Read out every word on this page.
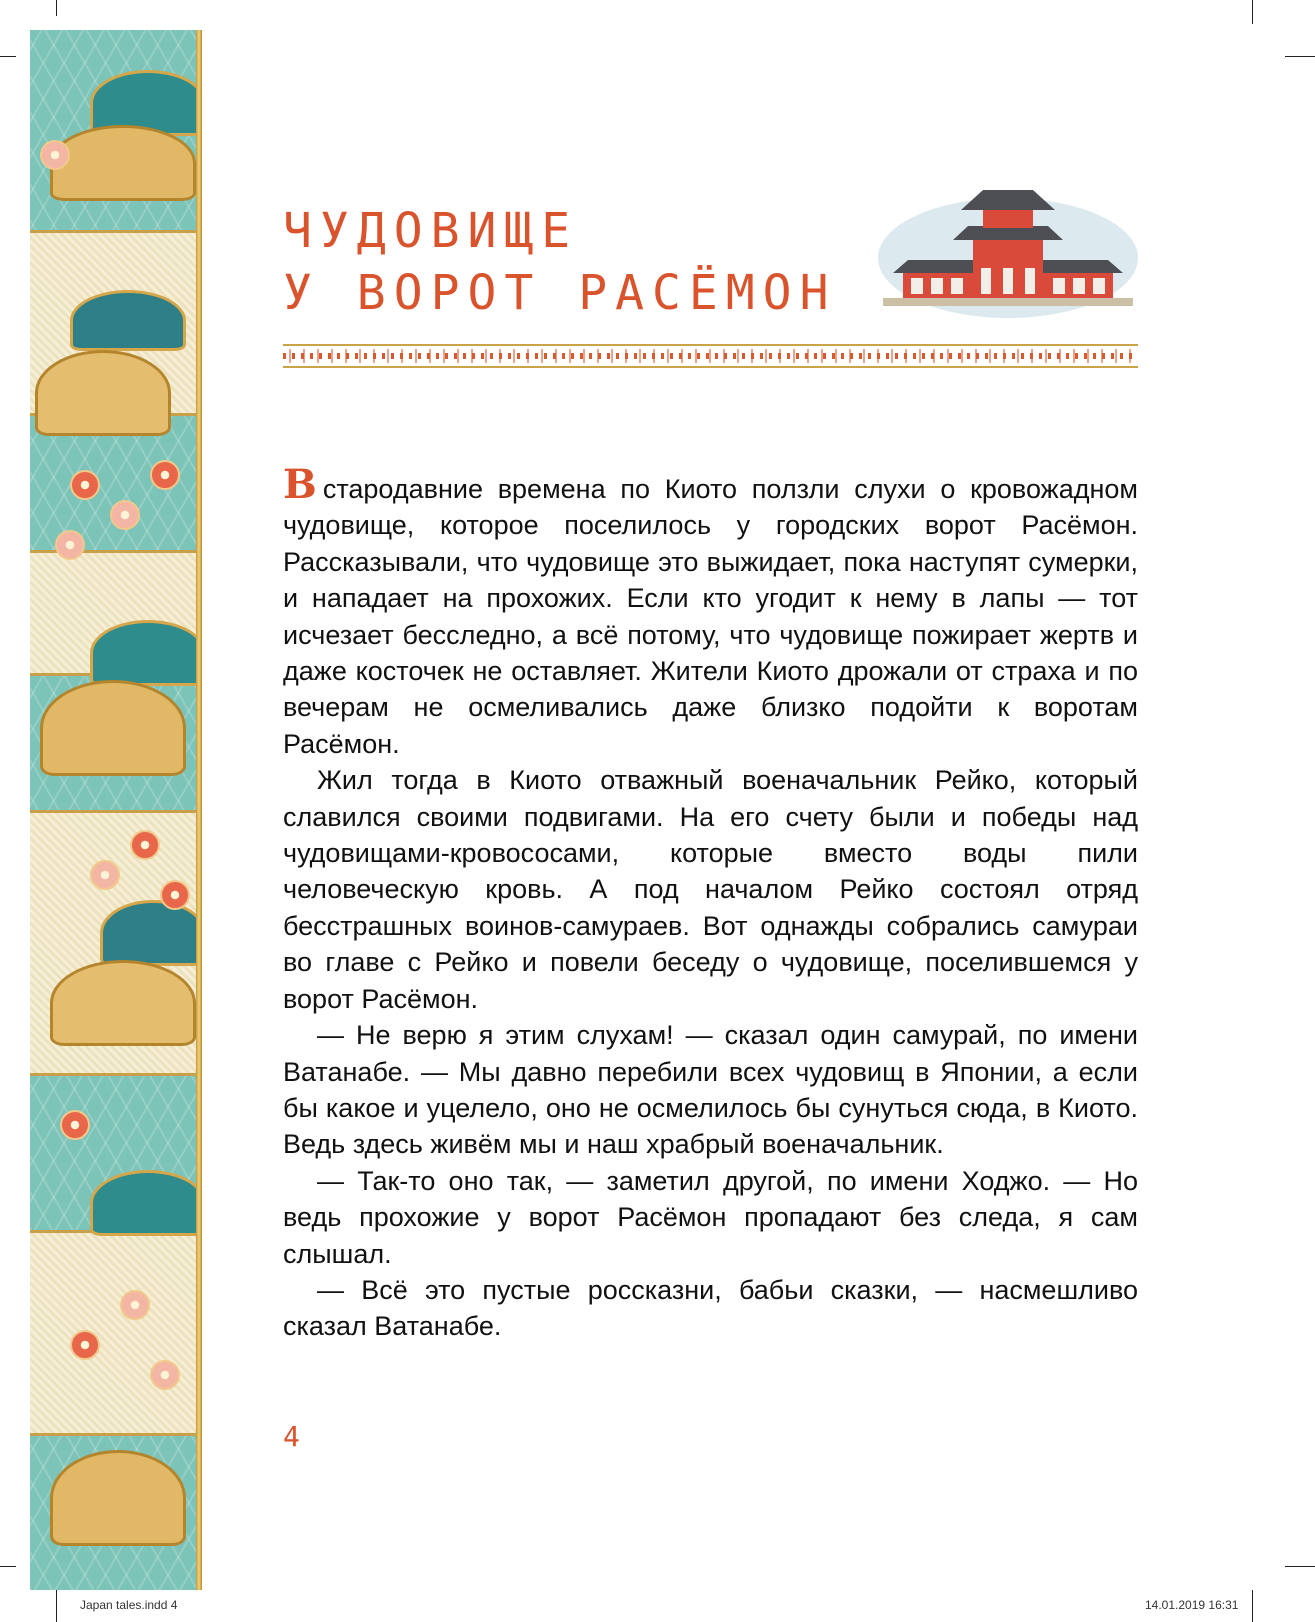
ЧУДОВИЩЕ
У ВОРОТ РАСЁМОН

В стародавние времена по Киото ползли слухи о кровожадном чудовище, которое поселилось у городских ворот Расёмон. Рассказывали, что чудовище это выжидает, пока наступят сумерки, и нападает на прохожих. Если кто угодит к нему в лапы — тот исчезает бесследно, а всё потому, что чудовище пожирает жертв и даже косточек не оставляет. Жители Киото дрожали от страха и по вечерам не осмеливались даже близко подойти к воротам Расёмон.

Жил тогда в Киото отважный военачальник Рейко, который славился своими подвигами. На его счету были и победы над чудовищами-кровососами, которые вместо воды пили человеческую кровь. А под началом Рейко состоял отряд бесстрашных воинов-самураев. Вот однажды собрались самураи во главе с Рейко и повели беседу о чудовище, поселившемся у ворот Расёмон.

— Не верю я этим слухам! — сказал один самурай, по имени Ватанабе. — Мы давно перебили всех чудовищ в Японии, а если бы какое и уцелело, оно не осмелилось бы сунуться сюда, в Киото. Ведь здесь живём мы и наш храбрый военачальник.

— Так-то оно так, — заметил другой, по имени Ходжо. — Но ведь прохожие у ворот Расёмон пропадают без следа, я сам слышал.

— Всё это пустые россказни, бабьи сказки, — насмешливо сказал Ватанабе.

4
Japan tales.indd 4	14.01.2019 16:31
